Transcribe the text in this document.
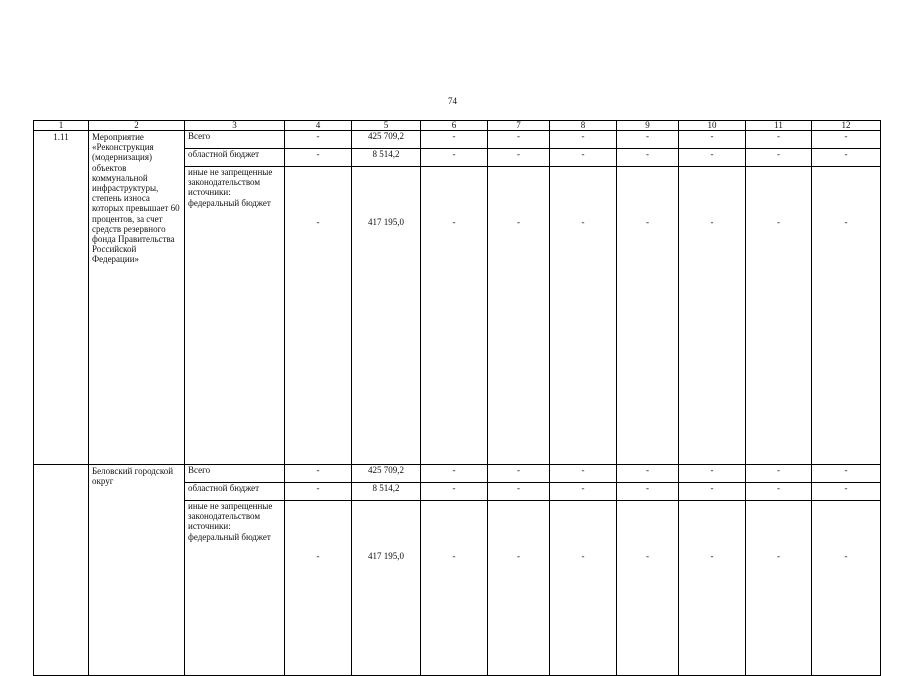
74
1	2	3	4	5	6	7	8	9	10	11	12
1.11	Мероприятие «Реконструкция (модернизация) объектов коммунальной инфраструктуры, степень износа которых превышает 60 процентов, за счет средств резервного фонда Правительства Российской Федерации»	Всего	-	425 709,2	-	-	-	-	-	-	-
		областной бюджет	-	8 514,2	-	-	-	-	-	-	-
		иные не запрещенные законодательством источники: федеральный бюджет	-	417 195,0	-	-	-	-	-	-	-
	Беловский городской округ	Всего	-	425 709,2	-	-	-	-	-	-	-
		областной бюджет	-	8 514,2	-	-	-	-	-	-	-
		иные не запрещенные законодательством источники: федеральный бюджет	-	417 195,0	-	-	-	-	-	-	-
